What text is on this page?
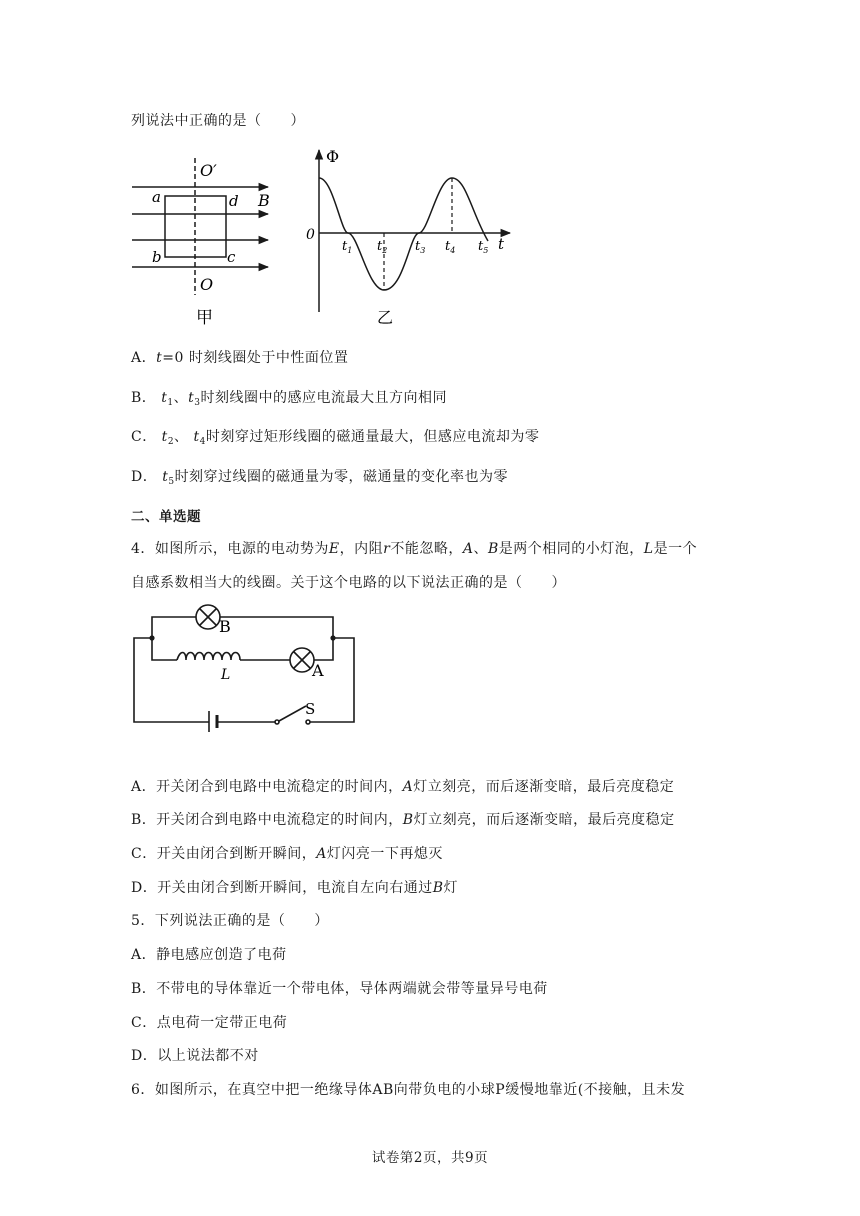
列说法中正确的是（　　）
O′
O
a
b	c
d B
甲
Φ
t
0
$t_1$ $t_2$ $t_3$ $t_4$ $t_5$
乙
A．t=0 时刻线圈处于中性面位置
B． $t_1$、$t_3$时刻线圈中的感应电流最大且方向相同
C． $t_2$、 $t_4$时刻穿过矩形线圈的磁通量最大，但感应电流却为零
D． $t_5$时刻穿过线圈的磁通量为零，磁通量的变化率也为零
二、单选题
4．如图所示，电源的电动势为E，内阻r不能忽略，A、B是两个相同的小灯泡，L是一个
自感系数相当大的线圈。关于这个电路的以下说法正确的是（　　）
B
A
L
S
A．开关闭合到电路中电流稳定的时间内，A灯立刻亮，而后逐渐变暗，最后亮度稳定
B．开关闭合到电路中电流稳定的时间内，B灯立刻亮，而后逐渐变暗，最后亮度稳定
C．开关由闭合到断开瞬间，A灯闪亮一下再熄灭
D．开关由闭合到断开瞬间，电流自左向右通过B灯
5．下列说法正确的是（　　）
A．静电感应创造了电荷
B．不带电的导体靠近一个带电体，导体两端就会带等量异号电荷
C．点电荷一定带正电荷
D．以上说法都不对
6．如图所示，在真空中把一绝缘导体AB向带负电的小球P缓慢地靠近(不接触，且未发
试卷第2页，共9页
